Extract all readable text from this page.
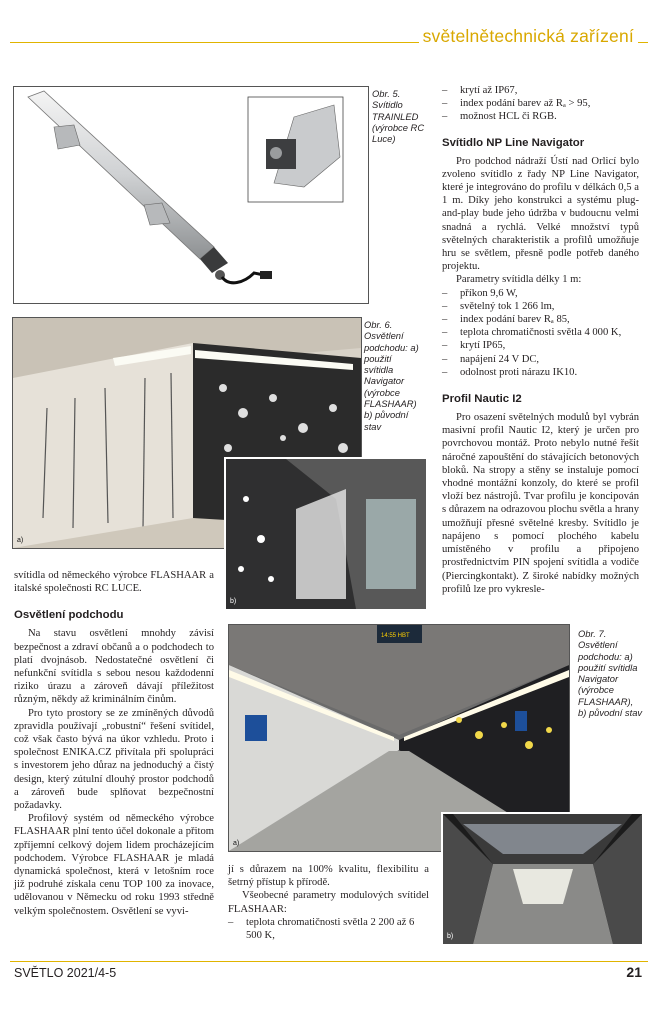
světelnětechnická zařízení
Obr. 5. Svítidlo TRAINLED (výrobce RC Luce)
a)
b)
Obr. 6. Osvětlení podchodu: a) použití svítidla Navigator (výrobce FLASHAAR) b) původní stav
– krytí až IP67,
– index podání barev až Rₐ > 95,
– možnost HCL či RGB.
Svítidlo NP Line Navigator

Pro podchod nádraží Ústí nad Orlicí bylo zvoleno svítidlo z řady NP Line Navigator, které je integrováno do profilu v délkách 0,5 a 1 m. Díky jeho konstrukci a systému plug-and-play bude jeho údržba v budoucnu velmi snadná a rychlá. Velké množství typů světelných charakteristik a profilů umožňuje hru se světlem, přesně podle potřeb daného projektu.

Parametry svítidla délky 1 m:

– příkon 9,6 W,
– světelný tok 1 266 lm,
– index podání barev Rₐ 85,
– teplota chromatičnosti světla 4 000 K,
– krytí IP65,
– napájení 24 V DC,
– odolnost proti nárazu IK10.
Profil Nautic I2

Pro osazení světelných modulů byl vybrán masivní profil Nautic I2, který je určen pro povrchovou montáž. Proto nebylo nutné řešit náročné zapouštění do stávajících betonových bloků. Na stropy a stěny se instaluje pomocí vhodné montážní konzoly, do které se profil vloží bez nástrojů. Tvar profilu je koncipován s důrazem na odrazovou plochu světla a hrany umožňují přesné světelné kresby. Svítidlo je napájeno s pomocí plochého kabelu umístěného v profilu a připojeno prostřednictvím PIN spojení svítidla a vodiče (Piercingkontakt). Z široké nabídky možných profilů lze pro vykresle-

svítidla od německého výrobce FLASHAAR a italské společnosti RC LUCE.

Osvětlení podchodu

Na stavu osvětlení mnohdy závisí bezpečnost a zdraví občanů a o podchodech to platí dvojnásob. Nedostatečné osvětlení či nefunkční svítidla s sebou nesou každodenní riziko úrazu a zároveň dávají příležitost různým, někdy až kriminálním činům.

Pro tyto prostory se ze zmíněných důvodů zpravidla používají „robustní“ řešení svítidel, což však často bývá na úkor vzhledu. Proto i společnost ENIKA.CZ přivítala při spolupráci s investorem jeho důraz na jednoduchý a čistý design, který zútulní dlouhý prostor podchodů a zároveň bude splňovat bezpečnostní požadavky.

Profilový systém od německého výrobce FLASHAAR plní tento účel dokonale a přitom zpříjemní celkový dojem lidem procházejícím podchodem. Výrobce FLASHAAR je mladá dynamická společnost, která v letošním roce již podruhé získala cenu TOP 100 za inovace, udělovanou v Německu od roku 1993 středně velkým společnostem. Osvětlení se vyvi-

14:55 HBT
a)
Obr. 7. Osvětlení podchodu: a) použití svítidla Navigator (výrobce FLASHAAR), b) původní stav
b)

jí s důrazem na 100% kvalitu, flexibilitu a šetrný přístup k přírodě.

Všeobecné parametry modulových svítidel FLASHAAR:

– teplota chromatičnosti světla 2 200 až 6 500 K,
SVĚTLO 2021/4-5	21
